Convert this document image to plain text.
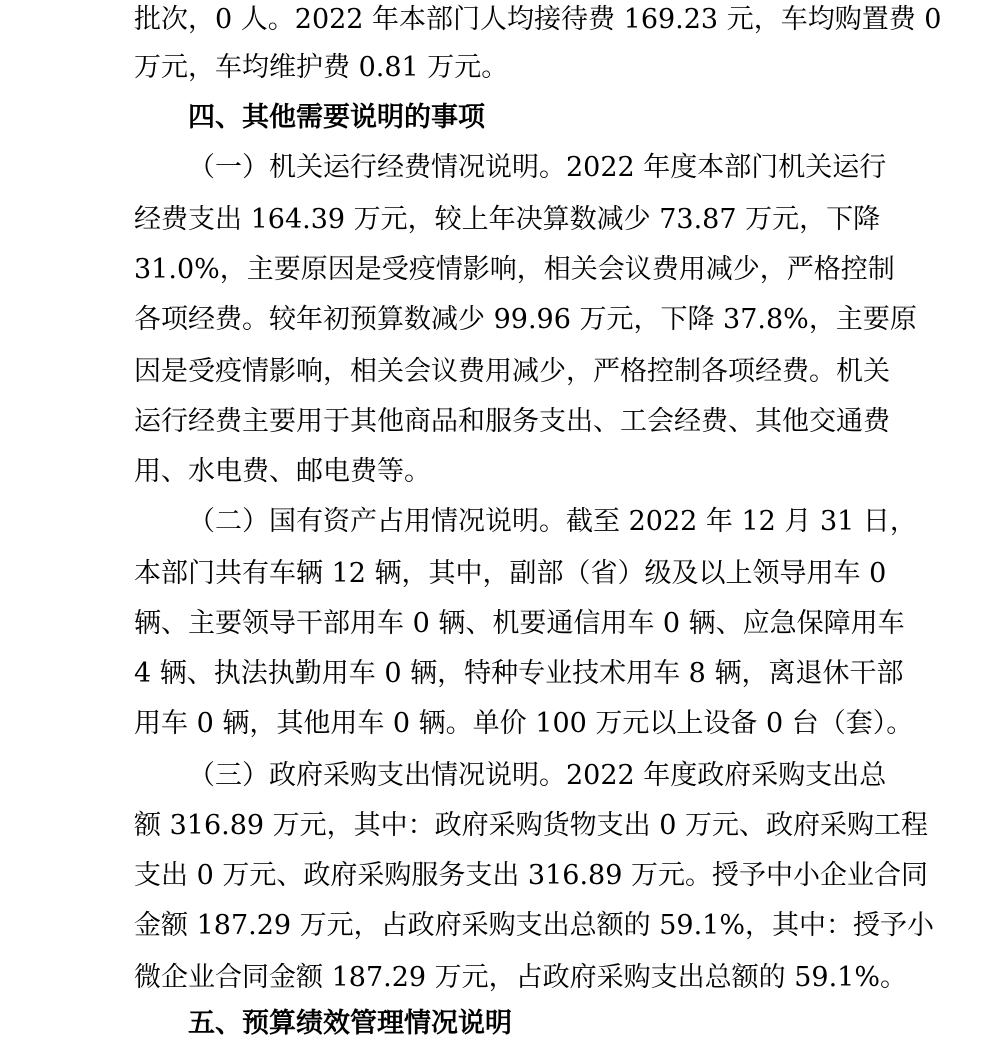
批次，0 人。2022 年本部门人均接待费 169.23 元，车均购置费 0
万元，车均维护费 0.81 万元。
四、其他需要说明的事项
（一）机关运行经费情况说明。2022 年度本部门机关运行
经费支出 164.39 万元，较上年决算数减少 73.87 万元，下降
31.0%，主要原因是受疫情影响，相关会议费用减少，严格控制
各项经费。较年初预算数减少 99.96 万元，下降 37.8%，主要原
因是受疫情影响，相关会议费用减少，严格控制各项经费。机关
运行经费主要用于其他商品和服务支出、工会经费、其他交通费
用、水电费、邮电费等。
（二）国有资产占用情况说明。截至 2022 年 12 月 31 日，
本部门共有车辆 12 辆，其中，副部（省）级及以上领导用车 0
辆、主要领导干部用车 0 辆、机要通信用车 0 辆、应急保障用车
4 辆、执法执勤用车 0 辆，特种专业技术用车 8 辆，离退休干部
用车 0 辆，其他用车 0 辆。单价 100 万元以上设备 0 台（套）。
（三）政府采购支出情况说明。2022 年度政府采购支出总
额 316.89 万元，其中：政府采购货物支出 0 万元、政府采购工程
支出 0 万元、政府采购服务支出 316.89 万元。授予中小企业合同
金额 187.29 万元，占政府采购支出总额的 59.1%，其中：授予小
微企业合同金额 187.29 万元，占政府采购支出总额的 59.1%。
五、预算绩效管理情况说明
